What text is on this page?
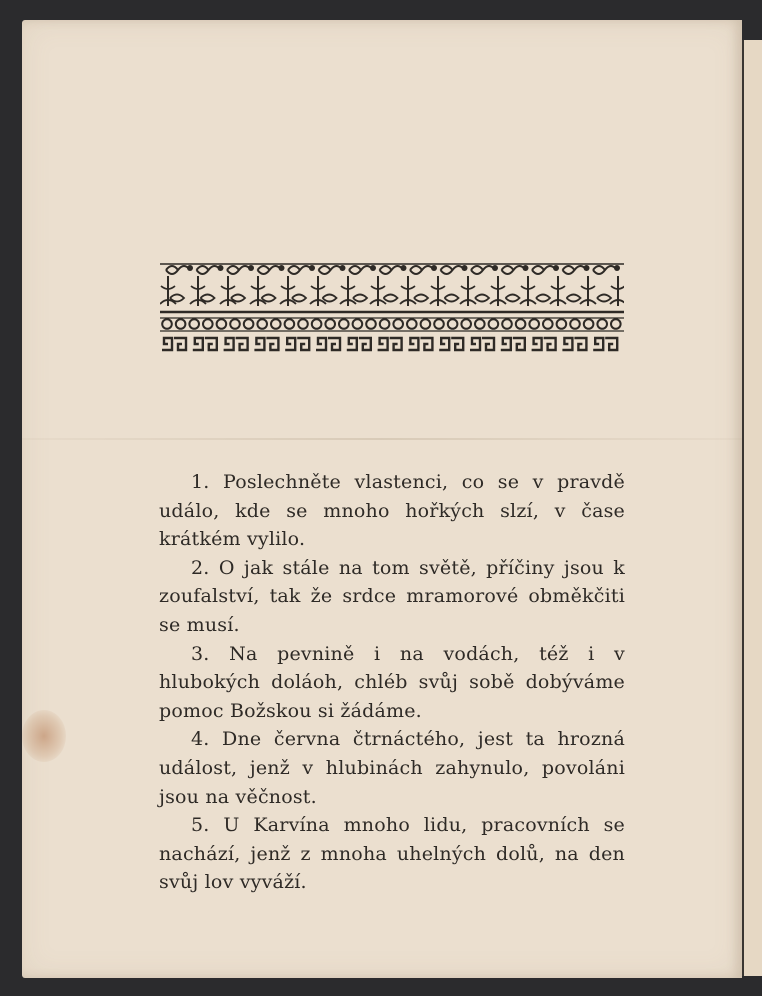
1. Poslechněte vlastenci, co se v pravdě událo, kde se mnoho hořkých slzí, v čase krátkém vylilo.

2. O jak stále na tom světě, příčiny jsou k zoufalství, tak že srdce mramorové obměkčiti se musí.

3. Na pevnině i na vodách, též i v hlubokých doláoh, chléb svůj sobě dobýváme pomoc Božskou si žádáme.

4. Dne června čtrnáctého, jest ta hrozná událost, jenž v hlubinách zahynulo, povoláni jsou na věčnost.

5. U Karvína mnoho lidu, pracovních se nachází, jenž z mnoha uhelných dolů, na den svůj lov vyváží.
